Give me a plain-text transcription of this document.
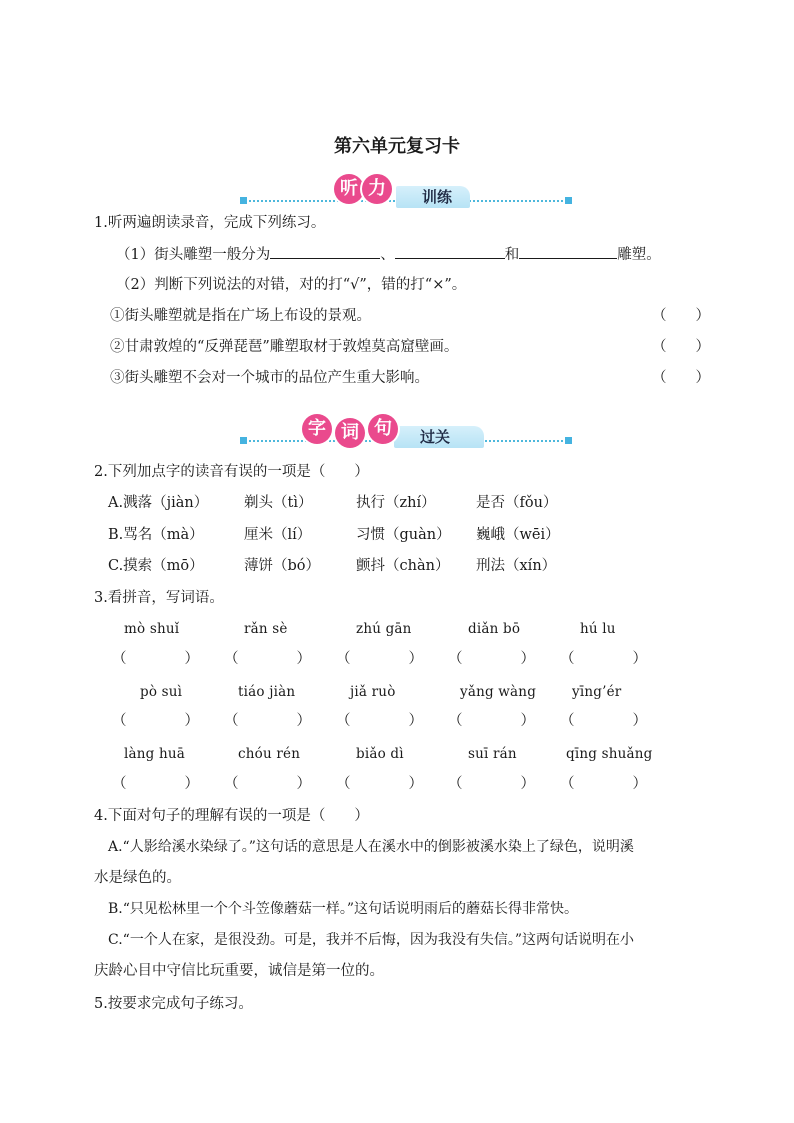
第六单元复习卡
训练
听 力
1.听两遍朗读录音，完成下列练习。
（1）街头雕塑一般分为	、	和	雕塑。
（2）判断下列说法的对错，对的打“√”，错的打“×”。
①街头雕塑就是指在广场上布设的景观。	（　　）
②甘肃敦煌的“反弹琵琶”雕塑取材于敦煌莫高窟壁画。	（　　）
③街头雕塑不会对一个城市的品位产生重大影响。	（　　）
过关
字 词 句
2.下列加点字的读音有误的一项是（　　）
A.溅落（jiàn） 剃头（tì）	执行（zhí）	是否（fǒu）
B.骂名（mà）	厘米（lí）	习惯（guàn） 巍峨（wēi）
C.摸索（mō）	薄饼（bó） 颤抖（chàn） 刑法（xín）
3.看拼音，写词语。
mò shuǐ	rǎn sè	zhú gān	diǎn bō	hú lu
（　　　　） （　　　　） （　　　　） （　　　　） （　　　　）
pò suì	tiáo jiàn	jiǎ ruò	yǎng wàng	yīng’ér
（　　　　） （　　　　） （　　　　） （　　　　） （　　　　）
làng huā	chóu rén	biǎo dì	suī rán	qīng shuǎng
（　　　　） （　　　　） （　　　　） （　　　　） （　　　　）
4.下面对句子的理解有误的一项是（　　）
A.“人影给溪水染绿了。”这句话的意思是人在溪水中的倒影被溪水染上了绿色，说明溪
水是绿色的。
B.“只见松林里一个个斗笠像蘑菇一样。”这句话说明雨后的蘑菇长得非常快。
C.“一个人在家，是很没劲。可是，我并不后悔，因为我没有失信。”这两句话说明在小
庆龄心目中守信比玩重要，诚信是第一位的。
5.按要求完成句子练习。
